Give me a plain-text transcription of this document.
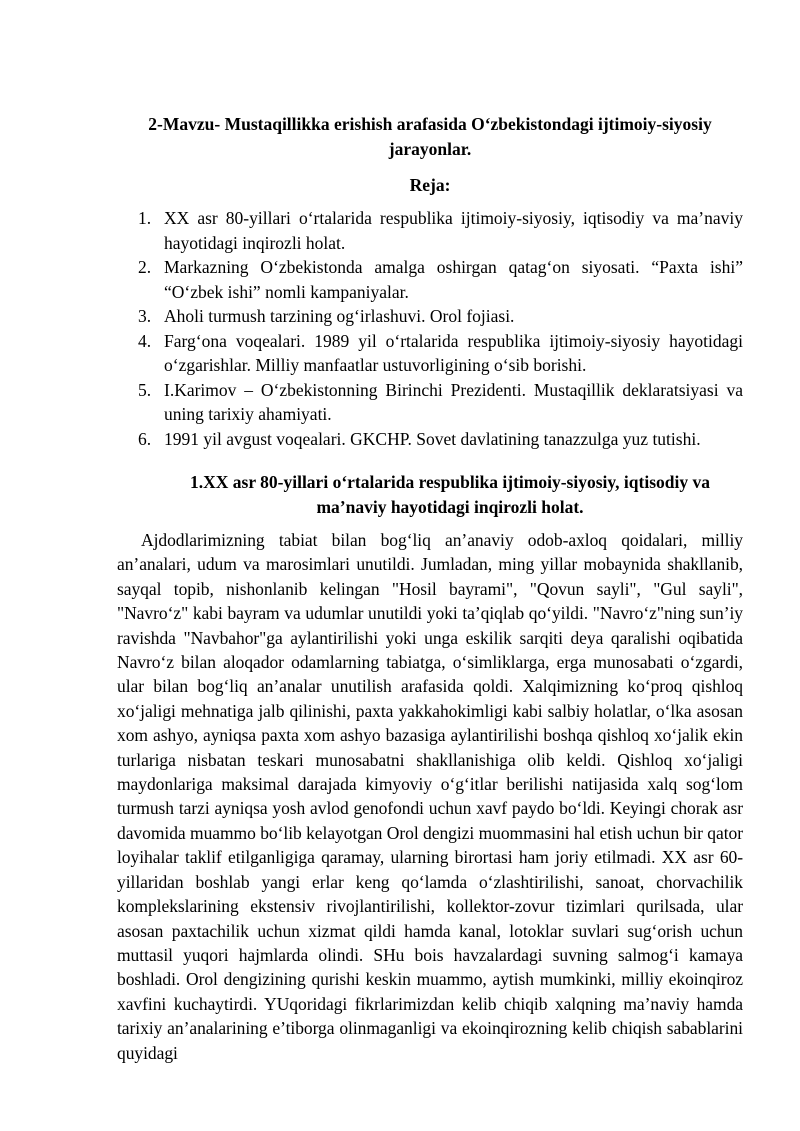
2-Mavzu- Mustaqillikka erishish arafasida O‘zbekistondagi ijtimoiy-siyosiy jarayonlar.

Reja:

1. XX asr 80-yillari o‘rtalarida respublika ijtimoiy-siyosiy, iqtisodiy va ma’naviy hayotidagi inqirozli holat.
2. Markazning O‘zbekistonda amalga oshirgan qatag‘on siyosati. “Paxta ishi” “O‘zbek ishi” nomli kampaniyalar.
3. Aholi turmush tarzining og‘irlashuvi. Orol fojiasi.
4. Farg‘ona voqealari. 1989 yil o‘rtalarida respublika ijtimoiy-siyosiy hayotidagi o‘zgarishlar. Milliy manfaatlar ustuvorligining o‘sib borishi.
5. I.Karimov – O‘zbekistonning Birinchi Prezidenti. Mustaqillik deklaratsiyasi va uning tarixiy ahamiyati.
6. 1991 yil avgust voqealari. GKCHP. Sovet davlatining tanazzulga yuz tutishi.

1.XX asr 80-yillari o‘rtalarida respublika ijtimoiy-siyosiy, iqtisodiy va ma’naviy hayotidagi inqirozli holat.

Ajdodlarimizning tabiat bilan bog‘liq an’anaviy odob-axloq qoidalari, milliy an’analari, udum va marosimlari unutildi. Jumladan, ming yillar mobaynida shakllanib, sayqal topib, nishonlanib kelingan "Hosil bayrami", "Qovun sayli", "Gul sayli", "Navro‘z" kabi bayram va udumlar unutildi yoki ta’qiqlab qo‘yildi. "Navro‘z"ning sun’iy ravishda "Navbahor"ga aylantirilishi yoki unga eskilik sarqiti deya qaralishi oqibatida Navro‘z bilan aloqador odamlarning tabiatga, o‘simliklarga, erga munosabati o‘zgardi, ular bilan bog‘liq an’analar unutilish arafasida qoldi. Xalqimizning ko‘proq qishloq xo‘jaligi mehnatiga jalb qilinishi, paxta yakkahokimligi kabi salbiy holatlar, o‘lka asosan xom ashyo, ayniqsa paxta xom ashyo bazasiga aylantirilishi boshqa qishloq xo‘jalik ekin turlariga nisbatan teskari munosabatni shakllanishiga olib keldi. Qishloq xo‘jaligi maydonlariga maksimal darajada kimyoviy o‘g‘itlar berilishi natijasida xalq sog‘lom turmush tarzi ayniqsa yosh avlod genofondi uchun xavf paydo bo‘ldi. Keyingi chorak asr davomida muammo bo‘lib kelayotgan Orol dengizi muommasini hal etish uchun bir qator loyihalar taklif etilganligiga qaramay, ularning birortasi ham joriy etilmadi. XX asr 60-yillaridan boshlab yangi erlar keng qo‘lamda o‘zlashtirilishi, sanoat, chorvachilik komplekslarining ekstensiv rivojlantirilishi, kollektor-zovur tizimlari qurilsada, ular asosan paxtachilik uchun xizmat qildi hamda kanal, lotoklar suvlari sug‘orish uchun muttasil yuqori hajmlarda olindi. SHu bois havzalardagi suvning salmog‘i kamaya boshladi. Orol dengizining qurishi keskin muammo, aytish mumkinki, milliy ekoinqiroz xavfini kuchaytirdi. YUqoridagi fikrlarimizdan kelib chiqib xalqning ma’naviy hamda tarixiy an’analarining e’tiborga olinmaganligi va ekoinqirozning kelib chiqish sabablarini quyidagi
